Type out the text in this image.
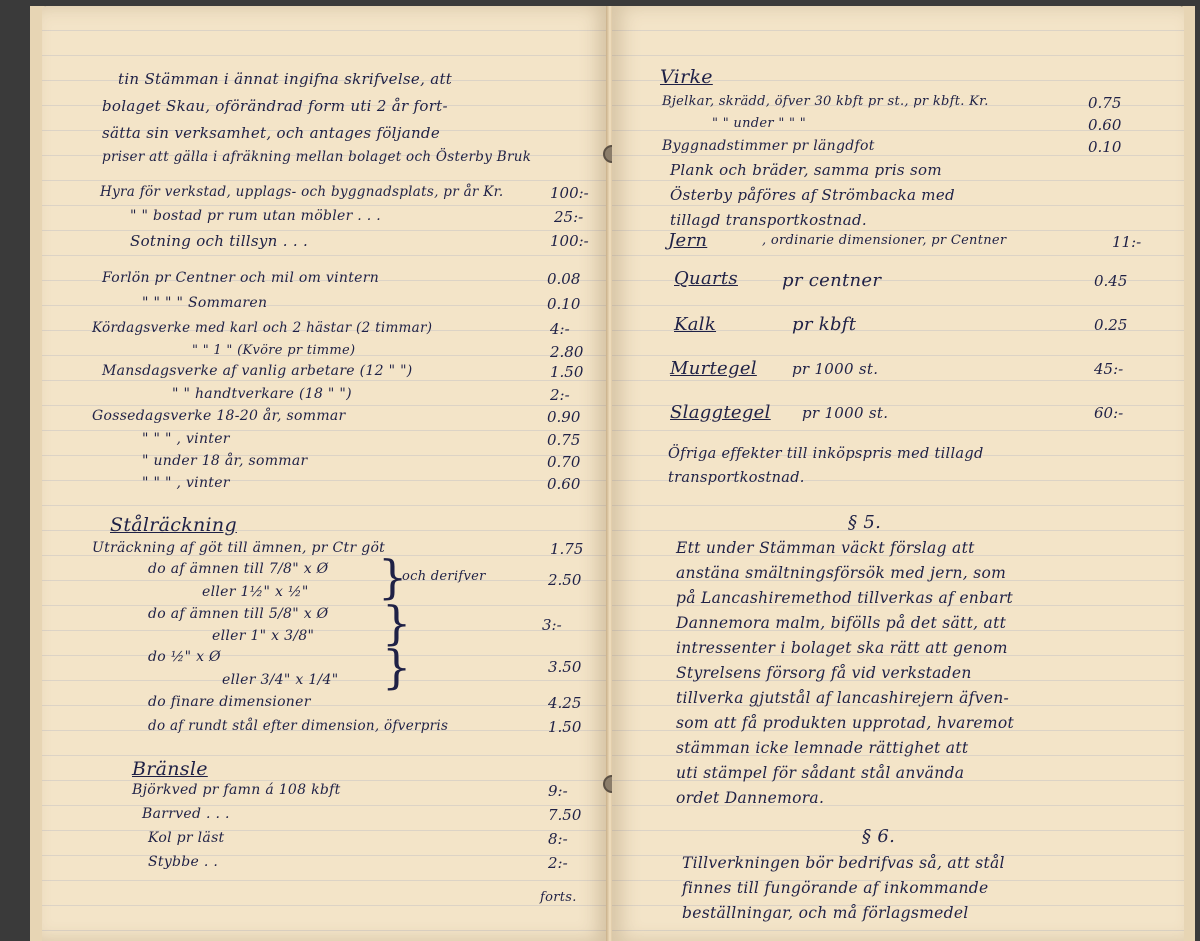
tin Stämman i ännat ingifna skrifvelse, att
bolaget Skau, oförändrad form uti 2 år fort-
sätta sin verksamhet, och antages följande
priser att gälla i afräkning mellan bolaget och Österby Bruk
Hyra för verkstad, upplags- och byggnadsplats, pr år Kr.	100:-
" " bostad pr rum utan möbler . . .	25:-
Sotning och tillsyn . . .	100:-
Forlön pr Centner och mil om vintern	0.08
" " " " Sommaren	0.10
Kördagsverke med karl och 2 hästar (2 timmar)	4:-
" " 1 " (Kvöre pr timme)	2.80
Mansdagsverke af vanlig arbetare (12 " ")	1.50
" " handtverkare (18 " ")	2:-
Gossedagsverke 18-20 år, sommar	0.90
" " " , vinter	0.75
" under 18 år, sommar	0.70
" " " , vinter	0.60
Stålräckning
Uträckning af göt till ämnen, pr Ctr göt	1.75
do af ämnen till 7/8" x Ø
eller 1½" x ½" }
och derifver	2.50
do af ämnen till 5/8" x Ø
eller 1" x 3/8" }	3:-
do ½" x Ø
eller 3/4" x 1/4" }	3.50
do finare dimensioner	4.25
do af rundt stål efter dimension, öfverpris	1.50
Bränsle
Björkved pr famn á 108 kbft	9:-
Barrved . . .	7.50
Kol pr läst	8:-
Stybbe . .	2:-
forts.
Virke
Bjelkar, skrädd, öfver 30 kbft pr st., pr kbft. Kr.	0.75
" " under " " "	0.60
Byggnadstimmer pr längdfot	0.10
Plank och bräder, samma pris som
Österby påföres af Strömbacka med
tillagd transportkostnad.
Jern	, ordinarie dimensioner, pr Centner	11:-
Quarts pr centner	0.45
Kalk	pr kbft	0.25
Murtegel pr 1000 st.	45:-
Slaggtegel pr 1000 st.	60:-
Öfriga effekter till inköpspris med tillagd
transportkostnad.
§ 5.
Ett under Stämman väckt förslag att
anstäna smältningsförsök med jern, som
på Lancashiremethod tillverkas af enbart
Dannemora malm, bifölls på det sätt, att
intressenter i bolaget ska rätt att genom
Styrelsens försorg få vid verkstaden
tillverka gjutstål af lancashirejern äfven-
som att få produkten upprotad, hvaremot
stämman icke lemnade rättighet att
uti stämpel för sådant stål använda
ordet Dannemora.
§ 6.
Tillverkningen bör bedrifvas så, att stål
finnes till fungörande af inkommande
beställningar, och må förlagsmedel
